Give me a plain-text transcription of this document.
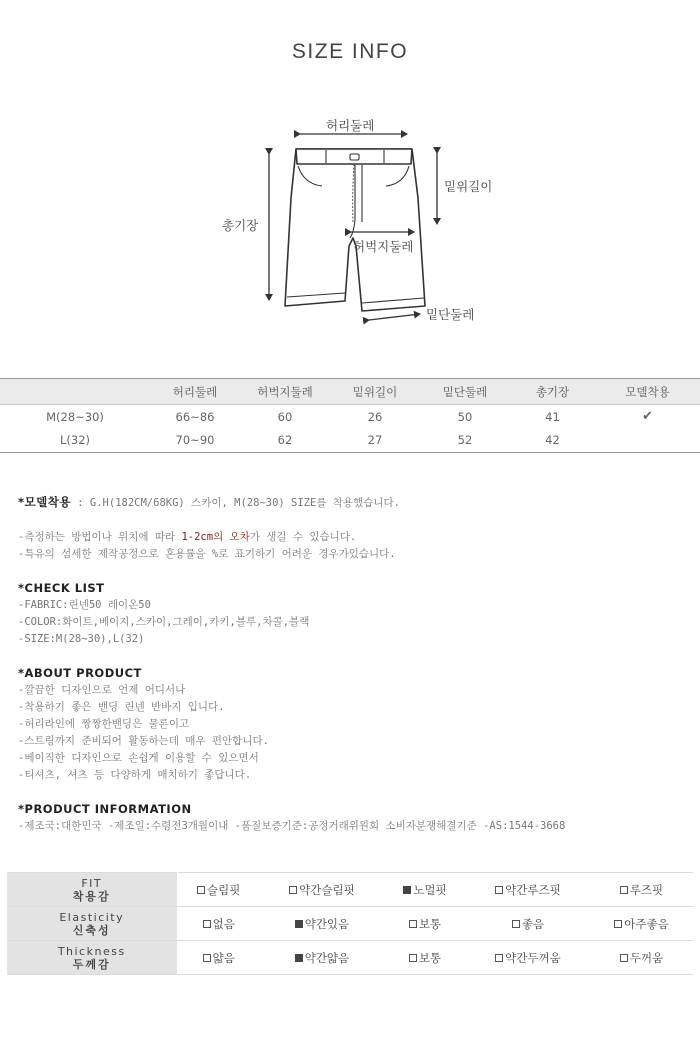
SIZE INFO
허리둘레
밑위길이
총기장
허벅지둘레
밑단둘레
	허리둘레	허벅지둘레	밑위길이	밑단둘레	총기장	모델착용
M(28~30)	66~86	60	26	50	41	✔
L(32)	70~90	62	27	52	42	

*모델착용 : G.H(182CM/68KG) 스카이, M(28~30) SIZE를 착용했습니다.

-측정하는 방법이나 위치에 따라 1-2cm의 오차가 생길 수 있습니다.

-특유의 섬세한 제작공정으로 혼용률을 %로 표기하기 어려운 경우가있습니다.

*CHECK LIST

-FABRIC:린넨50 레이온50

-COLOR:화이트,베이지,스카이,그레이,카키,블루,차콜,블랙

-SIZE:M(28~30),L(32)

*ABOUT PRODUCT

-깔끔한 디자인으로 언제 어디서나

-착용하기 좋은 밴딩 린넨 반바지 입니다.

-허리라인에 짱짱한밴딩은 물론이고

-스트링까지 준비되어 활동하는데 매우 편안합니다.

-베이직한 디자인으로 손쉽게 이용할 수 있으면서

-티셔츠, 셔츠 등 다양하게 매치하기 좋답니다.

*PRODUCT INFORMATION

-제조국:대한민국 -제조일:수령전3개월이내 -품질보증기준:공정거래위원회 소비자분쟁해결기준 -AS:1544-3668

FIT
착용감	슬림핏	약간슬림핏	노멀핏	약간루즈핏	루즈핏

Elasticity
신축성	없음	약간있음	보통	좋음	아주좋음

Thickness
두께감	얇음	약간얇음	보통	약간두꺼움	두꺼움
